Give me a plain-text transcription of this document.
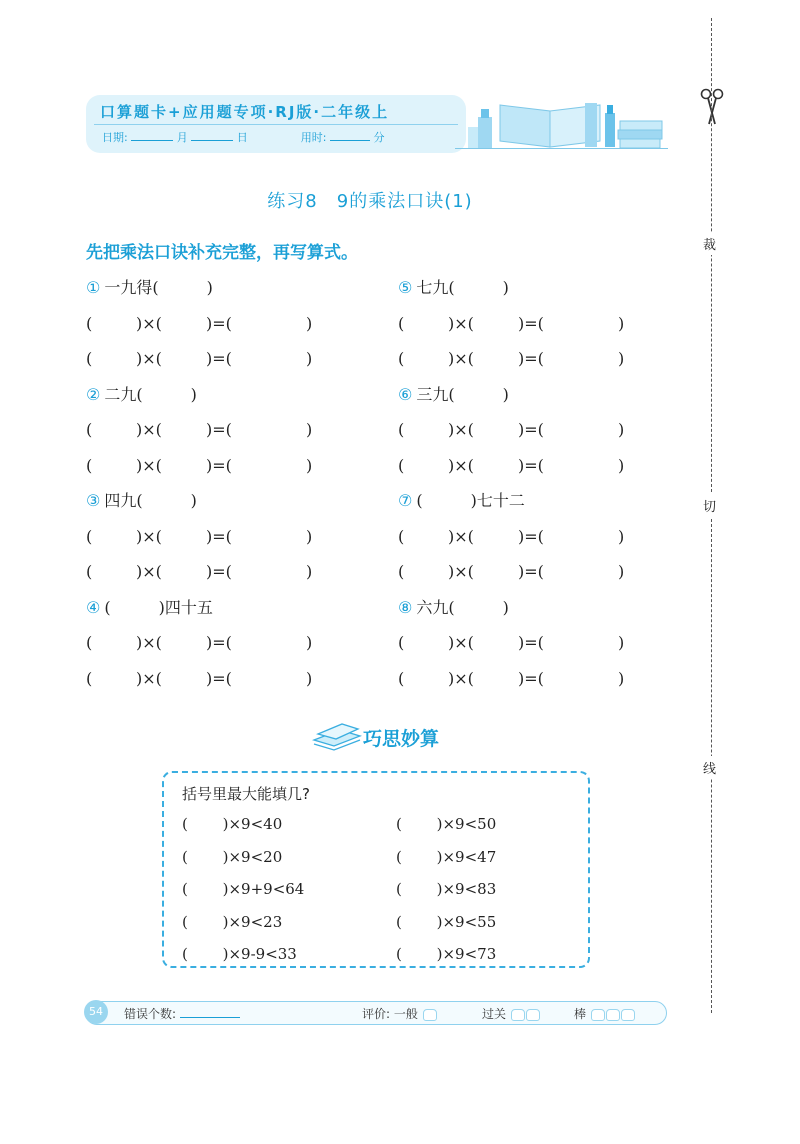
口算题卡+应用题专项·RJ版·二年级上
日期:	月	日	用时:	分
裁
切
线
练习8　9的乘法口诀(1)
先把乘法口诀补充完整，再写算式。
① 一九得(　　　)
(	)×(	)=(	)
(	)×(	)=(	)
② 二九(　　　)
(	)×(	)=(	)
(	)×(	)=(	)
③ 四九(　　　)
(	)×(	)=(	)
(	)×(	)=(	)
④ (　　　)四十五
(	)×(	)=(	)
(	)×(	)=(	)
⑤ 七九(　　　)
(	)×(	)=(	)
(	)×(	)=(	)
⑥ 三九(　　　)
(	)×(	)=(	)
(	)×(	)=(	)
⑦ (　　　)七十二
(	)×(	)=(	)
(	)×(	)=(	)
⑧ 六九(　　　)
(	)×(	)=(	)
(	)×(	)=(	)
巧思妙算
括号里最大能填几?
( 　　)×9<40
( 　　)×9<20
( 　　)×9+9<64
( 　　)×9<23
( 　　)×9-9<33
( 　　)×9<50
( 　　)×9<47
( 　　)×9<83
( 　　)×9<55
( 　　)×9<73
54	错误个数:	评价: 一般	过关	棒
